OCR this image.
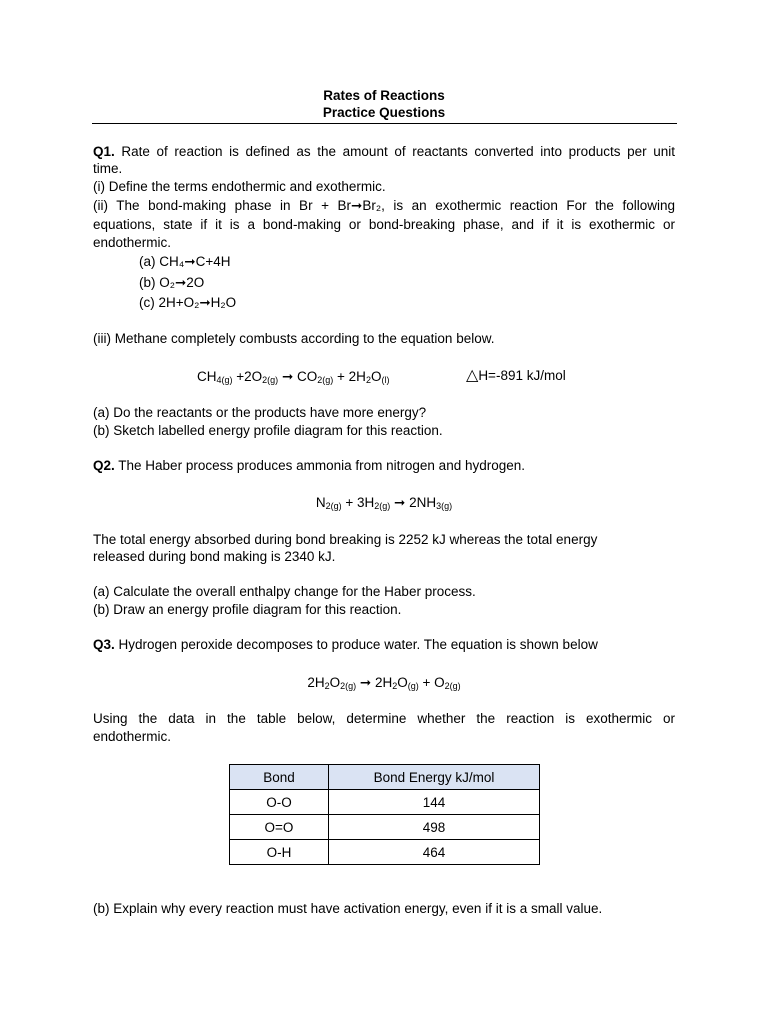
Rates of Reactions
Practice Questions
Q1. Rate of reaction is defined as the amount of reactants converted into products per unit
time.
(i) Define the terms endothermic and exothermic.
(ii) The bond-making phase in Br + Br➞Br₂, is an exothermic reaction For the following
equations, state if it is a bond-making or bond-breaking phase, and if it is exothermic or
endothermic.
(a) CH₄➞C+4H
(b) O₂➞2O
(c) 2H+O₂➞H₂O
(iii) Methane completely combusts according to the equation below.
$CH_{4(g)} +2O_{2(g)}$ ➞ $CO_{2(g)} + 2H_2O_{(l)}$	△H=-891 kJ/mol
(a) Do the reactants or the products have more energy?
(b) Sketch labelled energy profile diagram for this reaction.
Q2. The Haber process produces ammonia from nitrogen and hydrogen.
$N_{2(g)} + 3H_{2(g)}$ ➞ $2NH_{3(g)}$
The total energy absorbed during bond breaking is 2252 kJ whereas the total energy
released during bond making is 2340 kJ.
(a) Calculate the overall enthalpy change for the Haber process.
(b) Draw an energy profile diagram for this reaction.
Q3. Hydrogen peroxide decomposes to produce water. The equation is shown below
$2H_2O_{2(g)}$ ➞ $2H_2O_{(g)} + O_{2(g)}$
Using the data in the table below, determine whether the reaction is exothermic or
endothermic.
Bond	Bond Energy kJ/mol
O-O	144
O=O	498
O-H	464
(b) Explain why every reaction must have activation energy, even if it is a small value.
